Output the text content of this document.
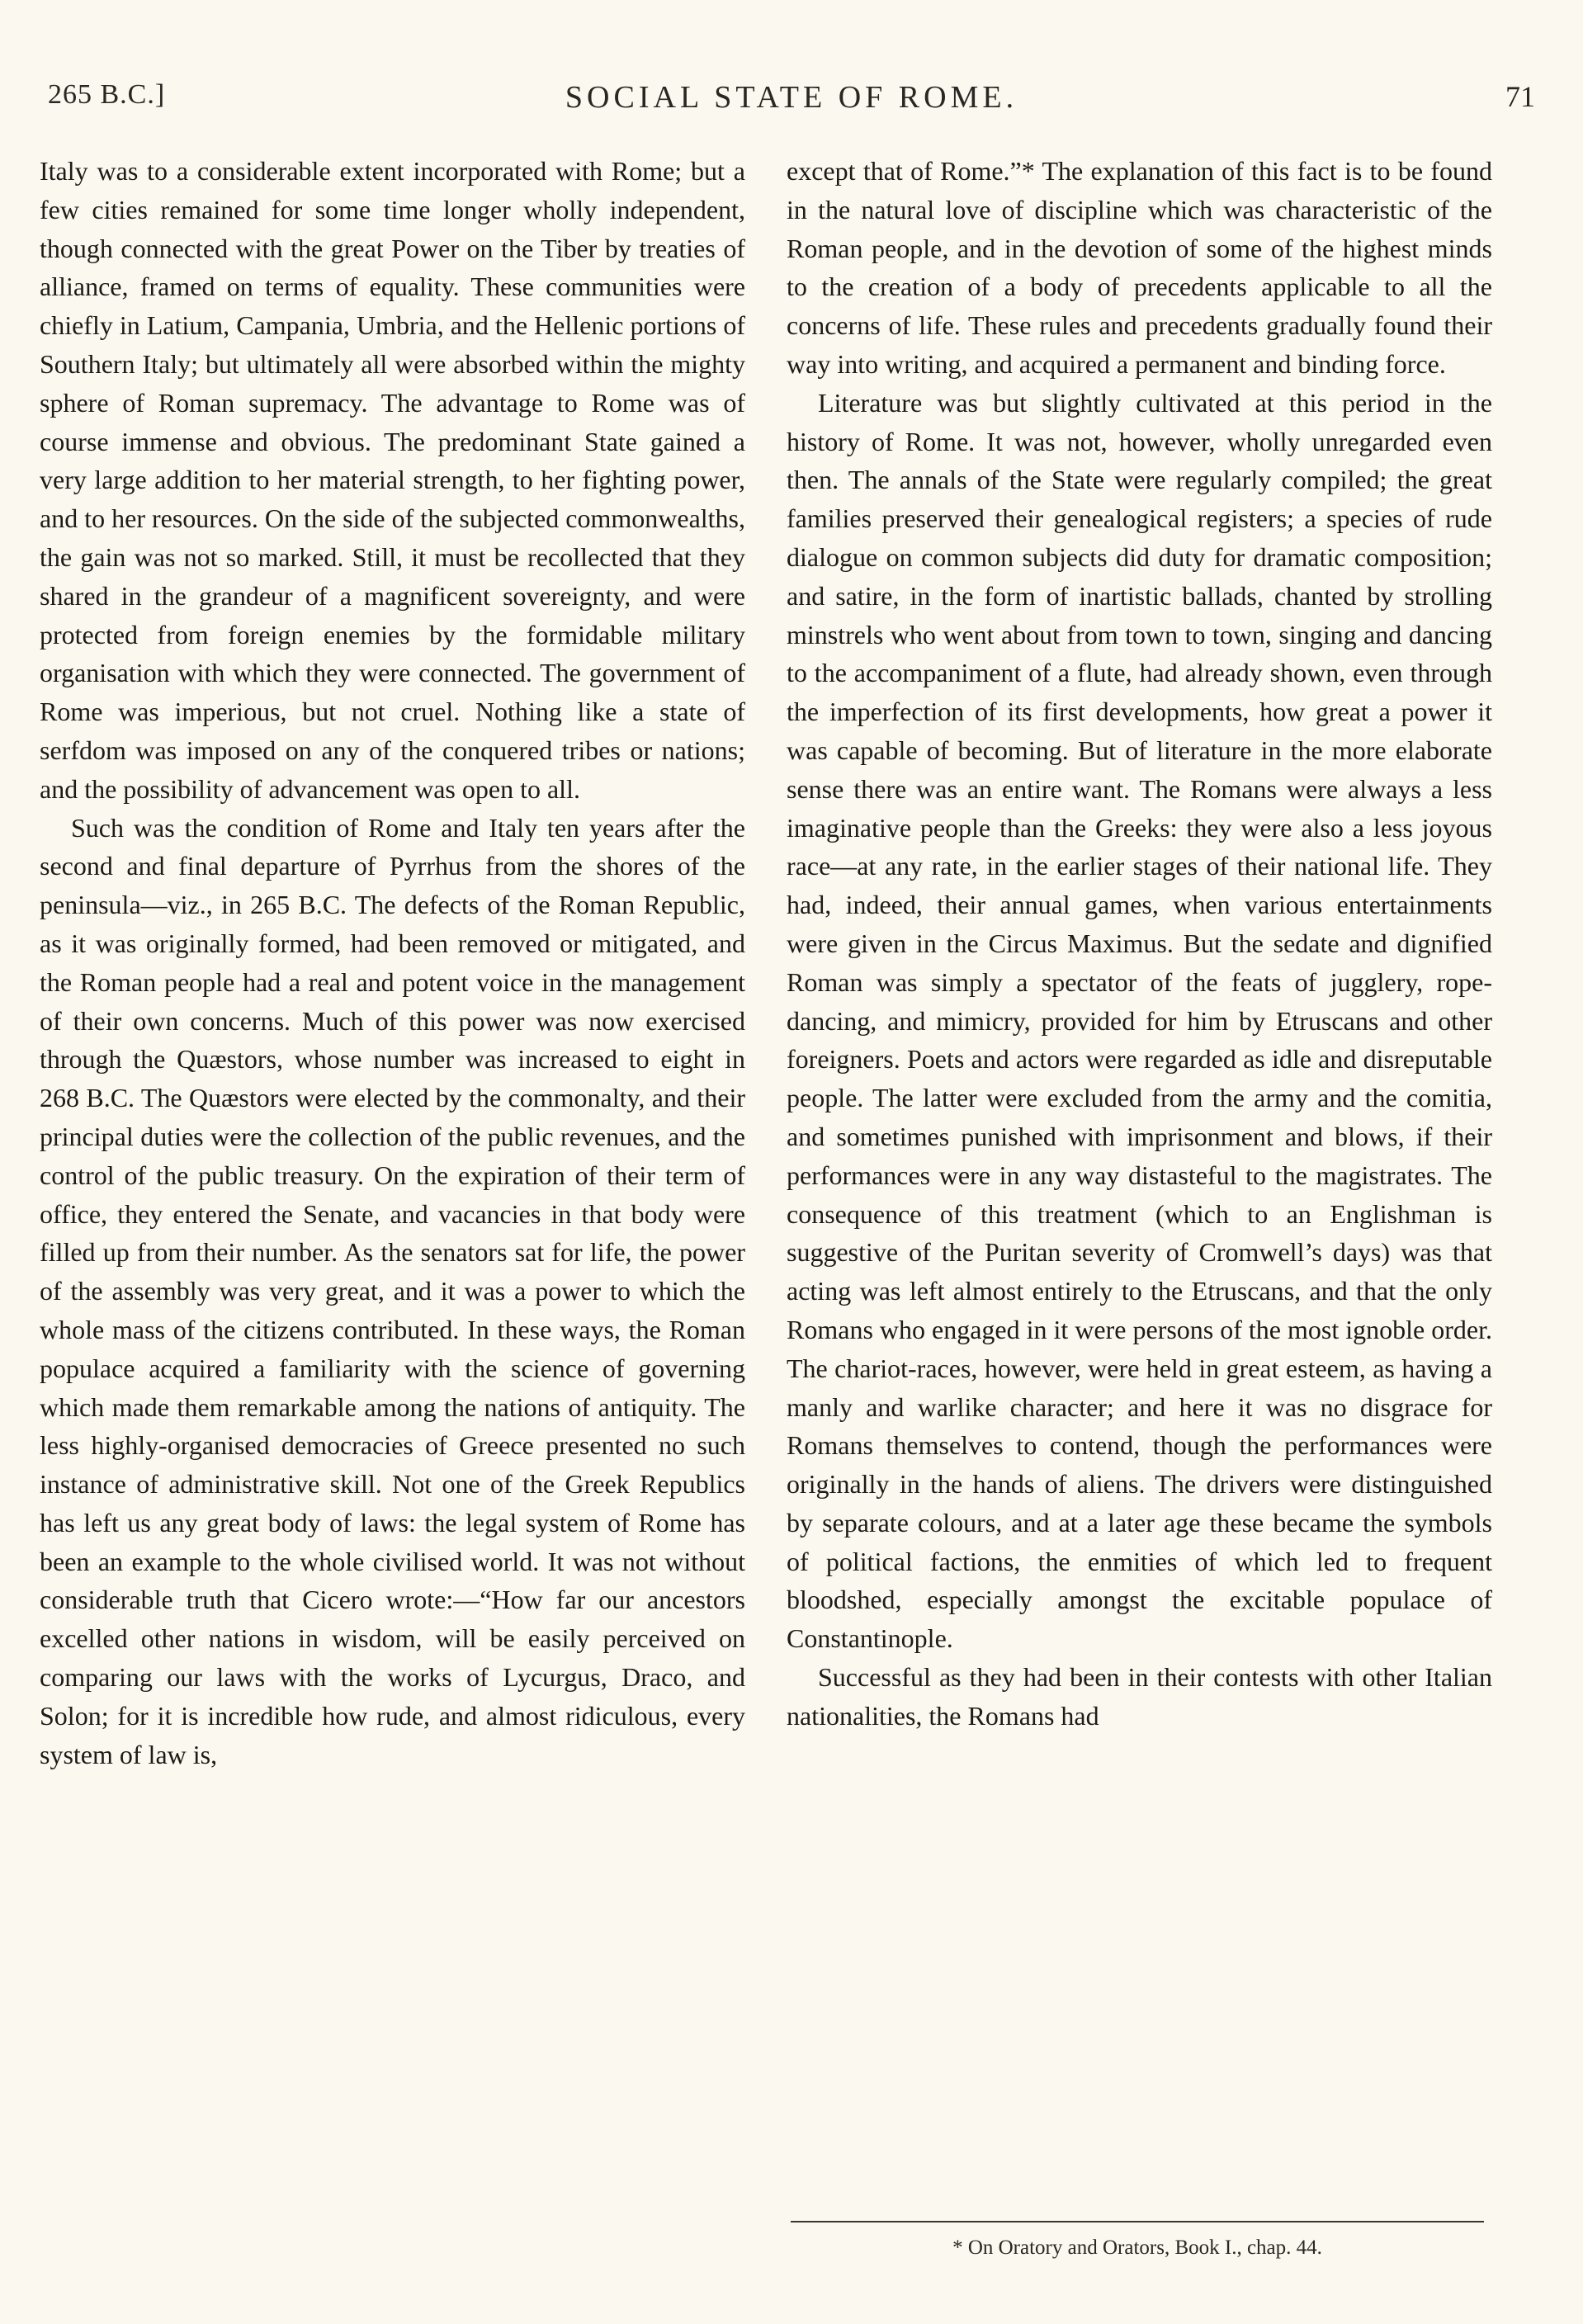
265 B.C.]	SOCIAL STATE OF ROME.	71

Italy was to a considerable extent incorporated with Rome; but a few cities remained for some time longer wholly independent, though connected with the great Power on the Tiber by treaties of alliance, framed on terms of equality. These communities were chiefly in Latium, Campania, Umbria, and the Hellenic portions of Southern Italy; but ultimately all were absorbed within the mighty sphere of Roman supremacy. The advantage to Rome was of course immense and obvious. The predominant State gained a very large addition to her material strength, to her fighting power, and to her resources. On the side of the subjected commonwealths, the gain was not so marked. Still, it must be recollected that they shared in the grandeur of a magnificent sovereignty, and were protected from foreign enemies by the formidable military organisation with which they were connected. The government of Rome was imperious, but not cruel. Nothing like a state of serfdom was imposed on any of the conquered tribes or nations; and the possibility of advancement was open to all.

Such was the condition of Rome and Italy ten years after the second and final departure of Pyrrhus from the shores of the peninsula—viz., in 265 B.C. The defects of the Roman Republic, as it was originally formed, had been removed or mitigated, and the Roman people had a real and potent voice in the management of their own concerns. Much of this power was now exercised through the Quæstors, whose number was increased to eight in 268 B.C. The Quæstors were elected by the commonalty, and their principal duties were the collection of the public revenues, and the control of the public treasury. On the expiration of their term of office, they entered the Senate, and vacancies in that body were filled up from their number. As the senators sat for life, the power of the assembly was very great, and it was a power to which the whole mass of the citizens contributed. In these ways, the Roman populace acquired a familiarity with the science of governing which made them remarkable among the nations of antiquity. The less highly-organised democracies of Greece presented no such instance of administrative skill. Not one of the Greek Republics has left us any great body of laws: the legal system of Rome has been an example to the whole civilised world. It was not without considerable truth that Cicero wrote:—“How far our ancestors excelled other nations in wisdom, will be easily perceived on comparing our laws with the works of Lycurgus, Draco, and Solon; for it is incredible how rude, and almost ridiculous, every system of law is,

except that of Rome.”* The explanation of this fact is to be found in the natural love of discipline which was characteristic of the Roman people, and in the devotion of some of the highest minds to the creation of a body of precedents applicable to all the concerns of life. These rules and precedents gradually found their way into writing, and acquired a permanent and binding force.

Literature was but slightly cultivated at this period in the history of Rome. It was not, however, wholly unregarded even then. The annals of the State were regularly compiled; the great families preserved their genealogical registers; a species of rude dialogue on common subjects did duty for dramatic composition; and satire, in the form of inartistic ballads, chanted by strolling minstrels who went about from town to town, singing and dancing to the accompaniment of a flute, had already shown, even through the imperfection of its first developments, how great a power it was capable of becoming. But of literature in the more elaborate sense there was an entire want. The Romans were always a less imaginative people than the Greeks: they were also a less joyous race—at any rate, in the earlier stages of their national life. They had, indeed, their annual games, when various entertainments were given in the Circus Maximus. But the sedate and dignified Roman was simply a spectator of the feats of jugglery, rope-dancing, and mimicry, provided for him by Etruscans and other foreigners. Poets and actors were regarded as idle and disreputable people. The latter were excluded from the army and the comitia, and sometimes punished with imprisonment and blows, if their performances were in any way distasteful to the magistrates. The consequence of this treatment (which to an Englishman is suggestive of the Puritan severity of Cromwell’s days) was that acting was left almost entirely to the Etruscans, and that the only Romans who engaged in it were persons of the most ignoble order. The chariot-races, however, were held in great esteem, as having a manly and warlike character; and here it was no disgrace for Romans themselves to contend, though the performances were originally in the hands of aliens. The drivers were distinguished by separate colours, and at a later age these became the symbols of political factions, the enmities of which led to frequent bloodshed, especially amongst the excitable populace of Constantinople.

Successful as they had been in their contests with other Italian nationalities, the Romans had

* On Oratory and Orators, Book I., chap. 44.
